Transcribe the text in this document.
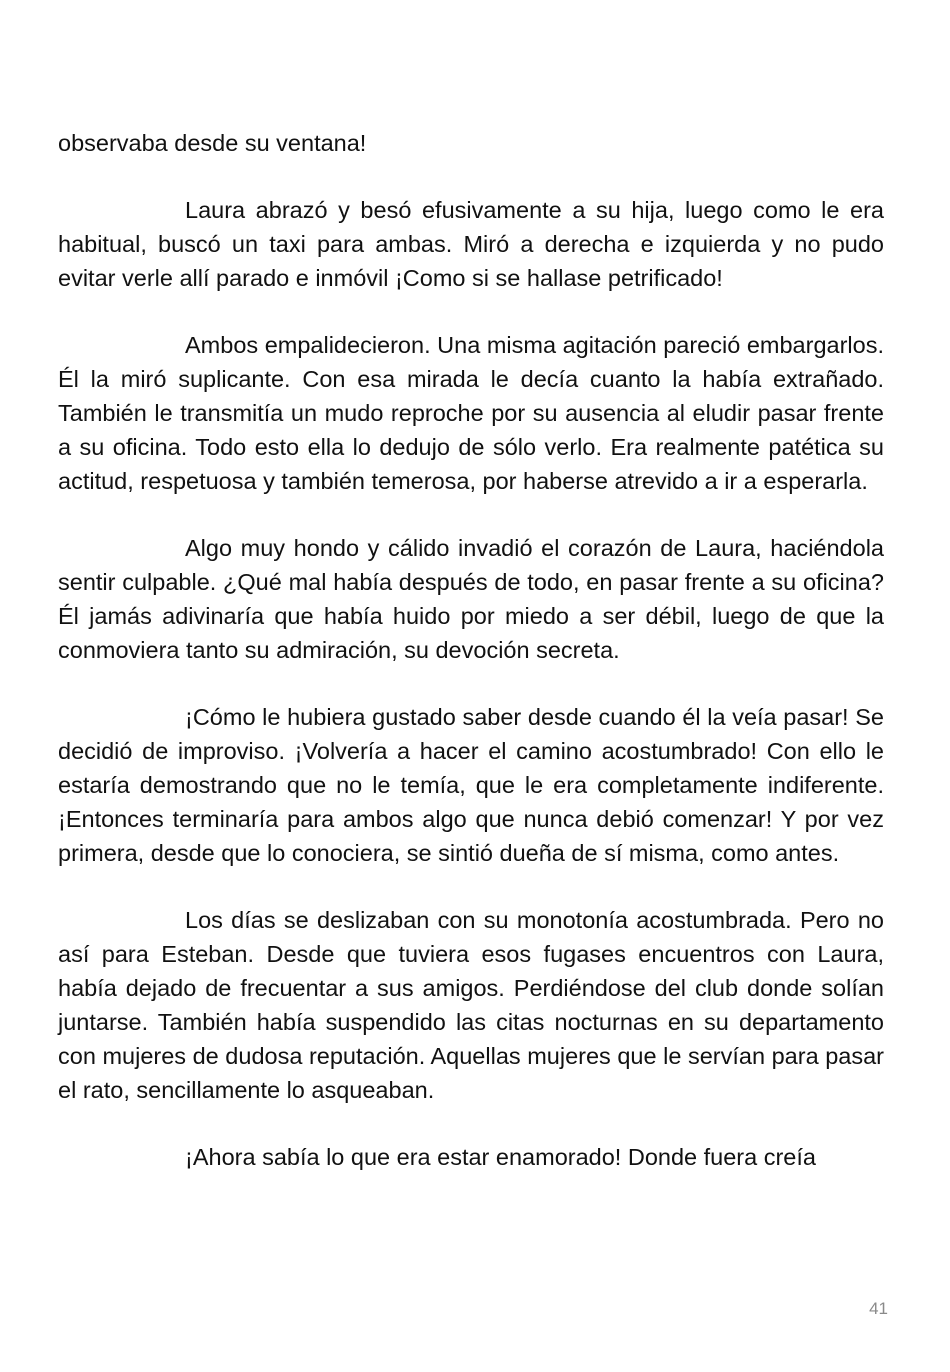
observaba desde su ventana!

Laura abrazó y besó efusivamente a su hija, luego como le era habitual, buscó un taxi para ambas. Miró a derecha e izquierda y no pudo evitar verle allí parado e inmóvil ¡Como si se hallase petrificado!

Ambos empalidecieron. Una misma agitación pareció embargarlos. Él la miró suplicante. Con esa mirada le decía cuanto la había extrañado. También le transmitía un mudo reproche por su ausencia al eludir pasar frente a su oficina. Todo esto ella lo dedujo de sólo verlo. Era realmente patética su actitud, respetuosa y también temerosa, por haberse atrevido a ir a esperarla.

Algo muy hondo y cálido invadió el corazón de Laura, haciéndola sentir culpable. ¿Qué mal había después de todo, en pasar frente a su oficina? Él jamás adivinaría que había huido por miedo a ser débil, luego de que la conmoviera tanto su admiración, su devoción secreta.

¡Cómo le hubiera gustado saber desde cuando él la veía pasar! Se decidió de improviso. ¡Volvería a hacer el camino acostumbrado! Con ello le estaría demostrando que no le temía, que le era completamente indiferente. ¡Entonces terminaría para ambos algo que nunca debió comenzar! Y por vez primera, desde que lo conociera, se sintió dueña de sí misma, como antes.

Los días se deslizaban con su monotonía acostumbrada. Pero no así para Esteban. Desde que tuviera esos fugases encuentros con Laura, había dejado de frecuentar a sus amigos. Perdiéndose del club donde solían juntarse. También había suspendido las citas nocturnas en su departamento con mujeres de dudosa reputación. Aquellas mujeres que le servían para pasar el rato, sencillamente lo asqueaban.

¡Ahora sabía lo que era estar enamorado! Donde fuera creía

41
